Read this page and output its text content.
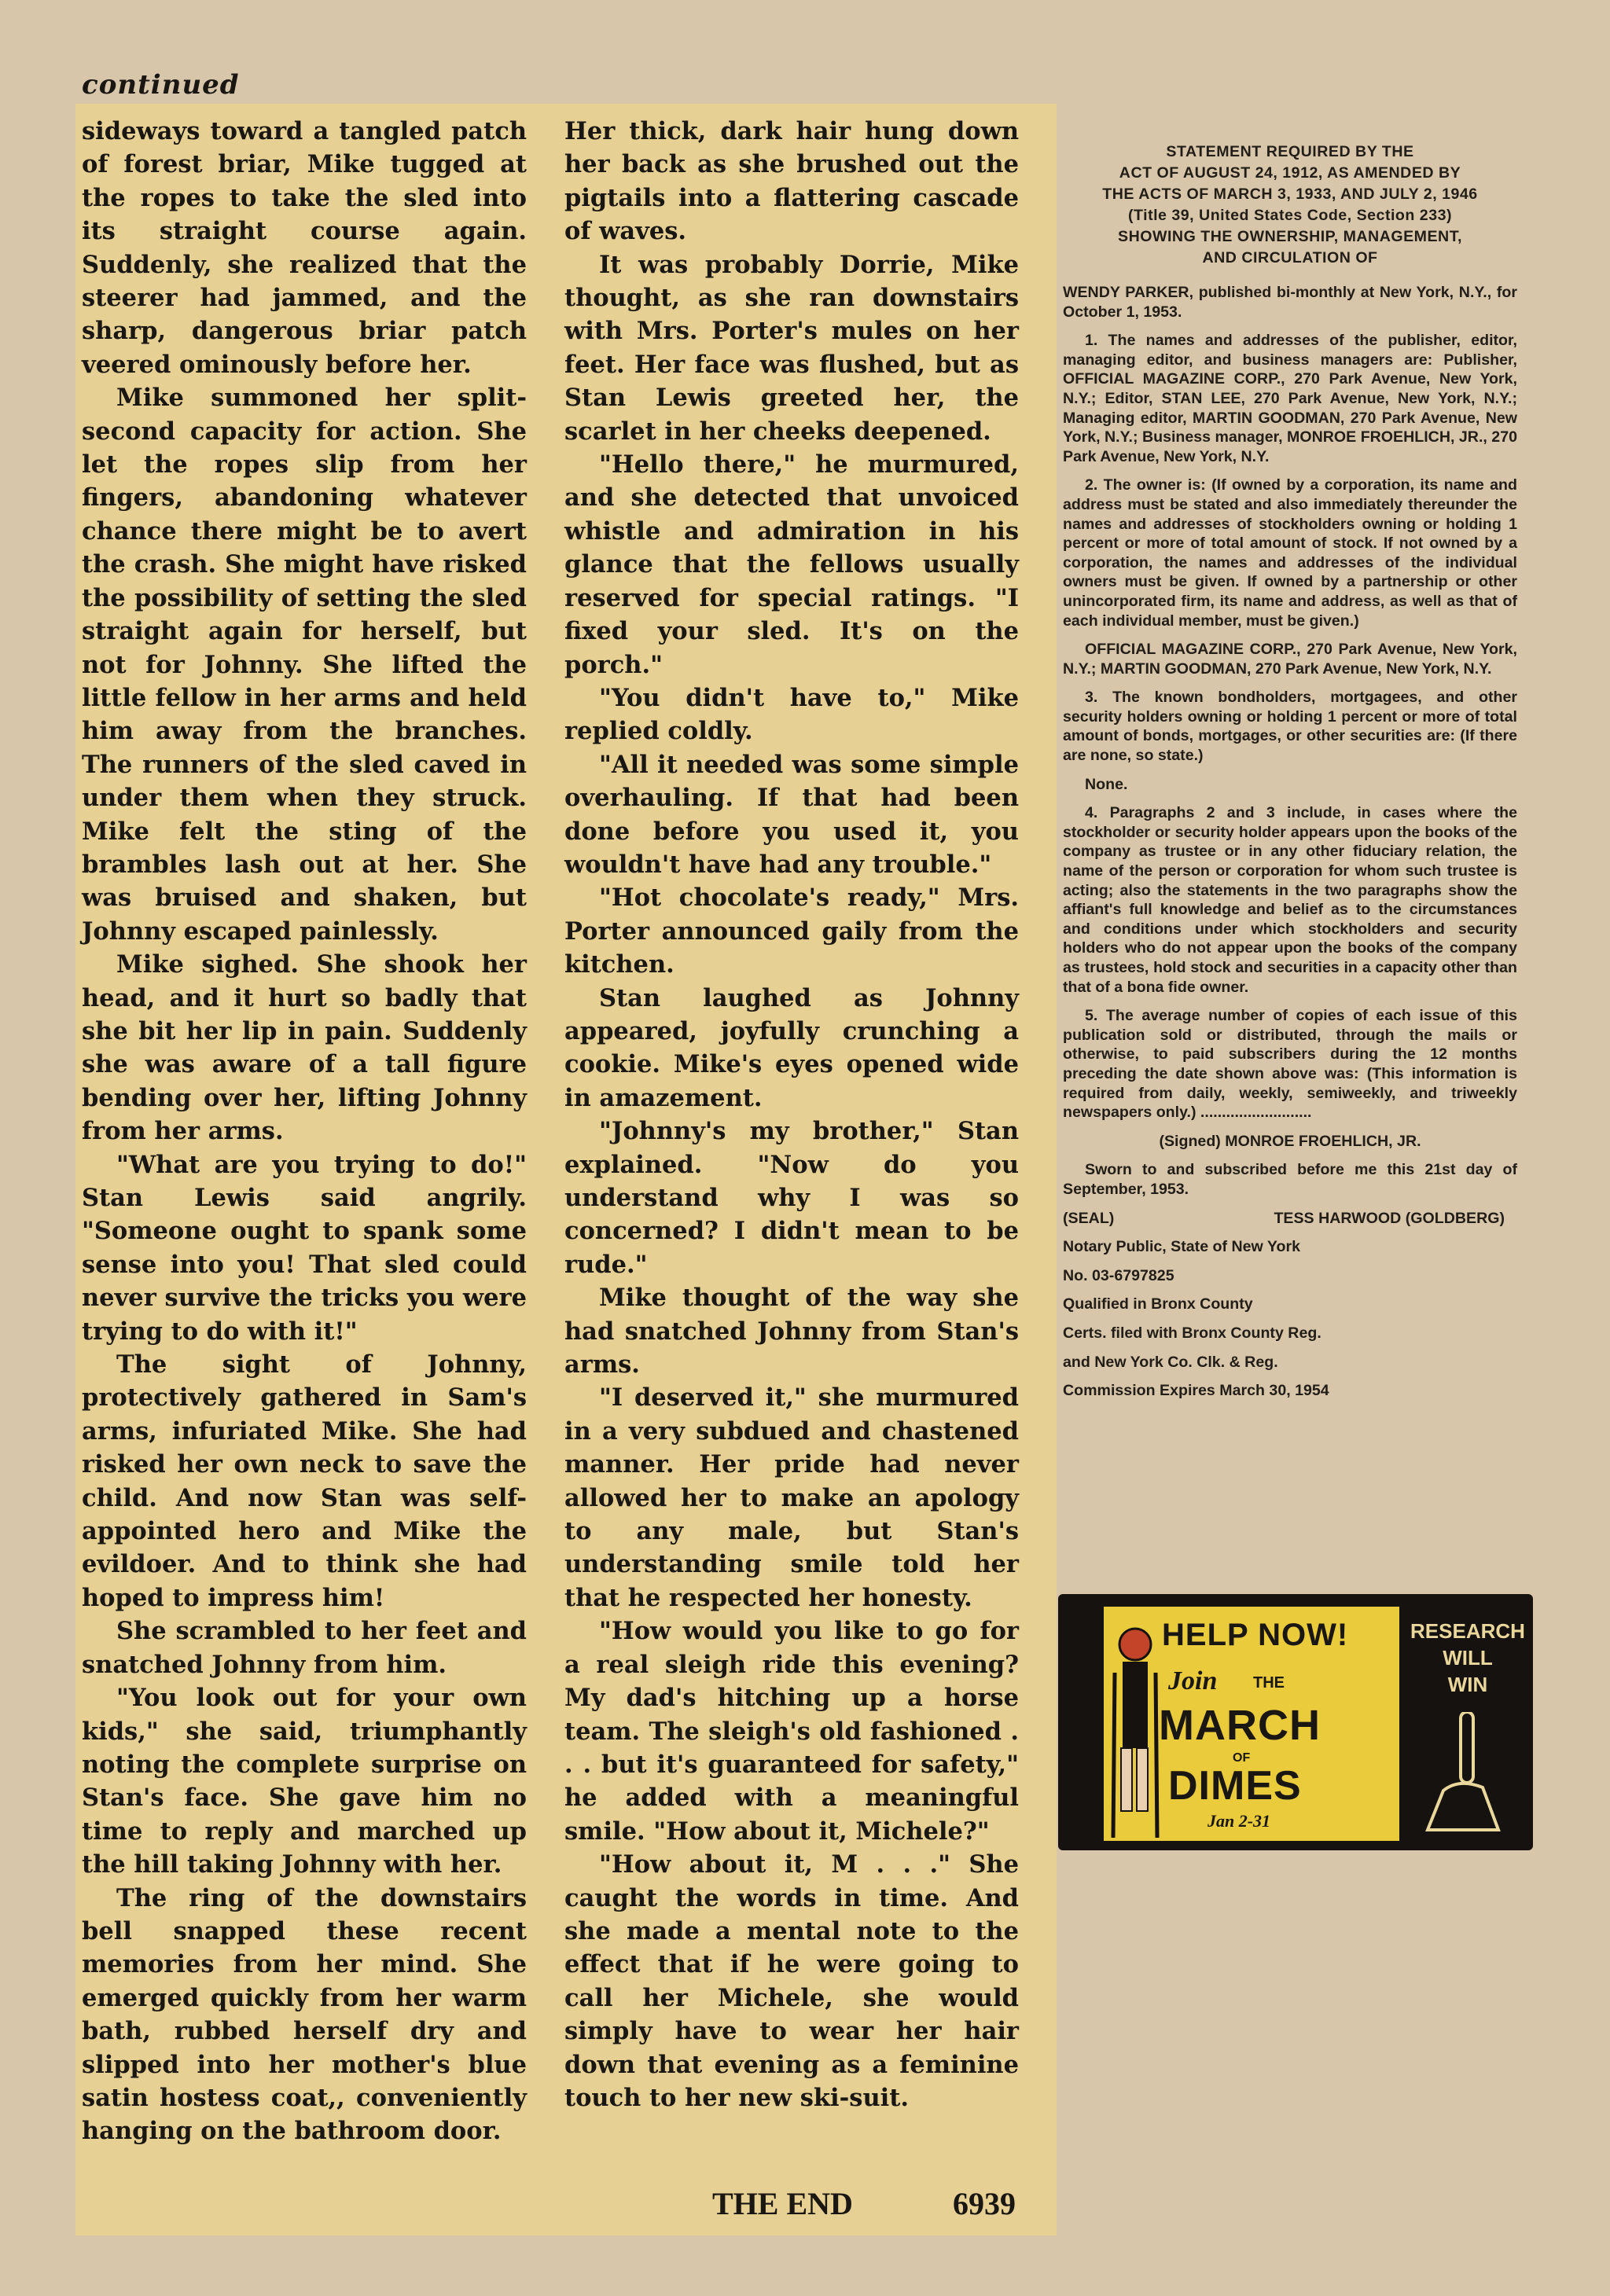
continued

sideways toward a tangled patch of forest briar, Mike tugged at the ropes to take the sled into its straight course again. Suddenly, she realized that the steerer had jammed, and the sharp, dangerous briar patch veered ominously before her.

Mike summoned her split-second capacity for action. She let the ropes slip from her fingers, abandoning whatever chance there might be to avert the crash. She might have risked the possibility of setting the sled straight again for herself, but not for Johnny. She lifted the little fellow in her arms and held him away from the branches. The runners of the sled caved in under them when they struck. Mike felt the sting of the brambles lash out at her. She was bruised and shaken, but Johnny escaped painlessly.

Mike sighed. She shook her head, and it hurt so badly that she bit her lip in pain. Suddenly she was aware of a tall figure bending over her, lifting Johnny from her arms.

"What are you trying to do!" Stan Lewis said angrily. "Someone ought to spank some sense into you! That sled could never survive the tricks you were trying to do with it!"

The sight of Johnny, protectively gathered in Sam's arms, infuriated Mike. She had risked her own neck to save the child. And now Stan was self-appointed hero and Mike the evildoer. And to think she had hoped to impress him!

She scrambled to her feet and snatched Johnny from him.

"You look out for your own kids," she said, triumphantly noting the complete surprise on Stan's face. She gave him no time to reply and marched up the hill taking Johnny with her.

The ring of the downstairs bell snapped these recent memories from her mind. She emerged quickly from her warm bath, rubbed herself dry and slipped into her mother's blue satin hostess coat,, conveniently hanging on the bathroom door.

Her thick, dark hair hung down her back as she brushed out the pigtails into a flattering cascade of waves.

It was probably Dorrie, Mike thought, as she ran downstairs with Mrs. Porter's mules on her feet. Her face was flushed, but as Stan Lewis greeted her, the scarlet in her cheeks deepened.

"Hello there," he murmured, and she detected that unvoiced whistle and admiration in his glance that the fellows usually reserved for special ratings. "I fixed your sled. It's on the porch."

"You didn't have to," Mike replied coldly.

"All it needed was some simple overhauling. If that had been done before you used it, you wouldn't have had any trouble."

"Hot chocolate's ready," Mrs. Porter announced gaily from the kitchen.

Stan laughed as Johnny appeared, joyfully crunching a cookie. Mike's eyes opened wide in amazement.

"Johnny's my brother," Stan explained. "Now do you understand why I was so concerned? I didn't mean to be rude."

Mike thought of the way she had snatched Johnny from Stan's arms.

"I deserved it," she murmured in a very subdued and chastened manner. Her pride had never allowed her to make an apology to any male, but Stan's understanding smile told her that he respected her honesty.

"How would you like to go for a real sleigh ride this evening? My dad's hitching up a horse team. The sleigh's old fashioned . . . but it's guaranteed for safety," he added with a meaningful smile. "How about it, Michele?"

"How about it, M . . ." She caught the words in time. And she made a mental note to the effect that if he were going to call her Michele, she would simply have to wear her hair down that evening as a feminine touch to her new ski-suit.

THE END	6939
STATEMENT REQUIRED BY THE
ACT OF AUGUST 24, 1912, AS AMENDED BY
THE ACTS OF MARCH 3, 1933, AND JULY 2, 1946
(Title 39, United States Code, Section 233)
SHOWING THE OWNERSHIP, MANAGEMENT,
AND CIRCULATION OF

WENDY PARKER, published bi-monthly at New York, N.Y., for October 1, 1953.

1. The names and addresses of the publisher, editor, managing editor, and business managers are: Publisher, OFFICIAL MAGAZINE CORP., 270 Park Avenue, New York, N.Y.; Editor, STAN LEE, 270 Park Avenue, New York, N.Y.; Managing editor, MARTIN GOODMAN, 270 Park Avenue, New York, N.Y.; Business manager, MONROE FROEHLICH, JR., 270 Park Avenue, New York, N.Y.

2. The owner is: (If owned by a corporation, its name and address must be stated and also immediately thereunder the names and addresses of stockholders owning or holding 1 percent or more of total amount of stock. If not owned by a corporation, the names and addresses of the individual owners must be given. If owned by a partnership or other unincorporated firm, its name and address, as well as that of each individual member, must be given.)

OFFICIAL MAGAZINE CORP., 270 Park Avenue, New York, N.Y.; MARTIN GOODMAN, 270 Park Avenue, New York, N.Y.

3. The known bondholders, mortgagees, and other security holders owning or holding 1 percent or more of total amount of bonds, mortgages, or other securities are: (If there are none, so state.)

None.

4. Paragraphs 2 and 3 include, in cases where the stockholder or security holder appears upon the books of the company as trustee or in any other fiduciary relation, the name of the person or corporation for whom such trustee is acting; also the statements in the two paragraphs show the affiant's full knowledge and belief as to the circumstances and conditions under which stockholders and security holders who do not appear upon the books of the company as trustees, hold stock and securities in a capacity other than that of a bona fide owner.

5. The average number of copies of each issue of this publication sold or distributed, through the mails or otherwise, to paid subscribers during the 12 months preceding the date shown above was: (This information is required from daily, weekly, semiweekly, and triweekly newspapers only.) ..........................

(Signed) MONROE FROEHLICH, JR.

Sworn to and subscribed before me this 21st day of September, 1953.

(SEAL)	TESS HARWOOD (GOLDBERG)

Notary Public, State of New York

No. 03-6797825

Qualified in Bronx County

Certs. filed with Bronx County Reg.

and New York Co. Clk. & Reg.

Commission Expires March 30, 1954

HELP NOW!
Join THE
MARCH
OF
DIMES
Jan 2-31
RESEARCH
WILL
WIN
